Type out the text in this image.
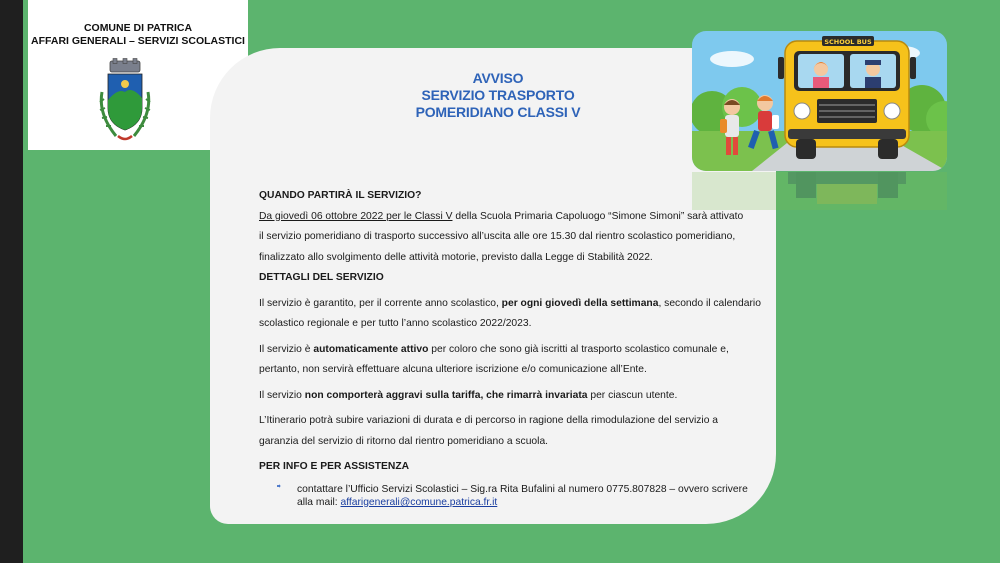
COMUNE DI PATRICA
AFFARI GENERALI – SERVIZI SCOLASTICI
AVVISO
SERVIZIO TRASPORTO
POMERIDIANO CLASSI V
SCHOOL BUS

QUANDO PARTIRÀ IL SERVIZIO?

Da giovedì 06 ottobre 2022 per le Classi V della Scuola Primaria Capoluogo “Simone Simoni” sarà attivato

il servizio pomeridiano di trasporto successivo all’uscita alle ore 15.30 dal rientro scolastico pomeridiano,

finalizzato allo svolgimento delle attività motorie, previsto dalla Legge di Stabilità 2022.

DETTAGLI DEL SERVIZIO

Il servizio è garantito, per il corrente anno scolastico, per ogni giovedì della settimana, secondo il calendario

scolastico regionale e per tutto l’anno scolastico 2022/2023.

Il servizio è automaticamente attivo per coloro che sono già iscritti al trasporto scolastico comunale e,

pertanto, non servirà effettuare alcuna ulteriore iscrizione e/o comunicazione all’Ente.

Il servizio non comporterà aggravi sulla tariffa, che rimarrà invariata per ciascun utente.

L’Itinerario potrà subire variazioni di durata e di percorso in ragione della rimodulazione del servizio a

garanzia del servizio di ritorno dal rientro pomeridiano a scuola.

PER INFO E PER ASSISTENZA

contattare l’Ufficio Servizi Scolastici – Sig.ra Rita Bufalini al numero 0775.807828 – ovvero scrivere
alla mail: affarigenerali@comune.patrica.fr.it
